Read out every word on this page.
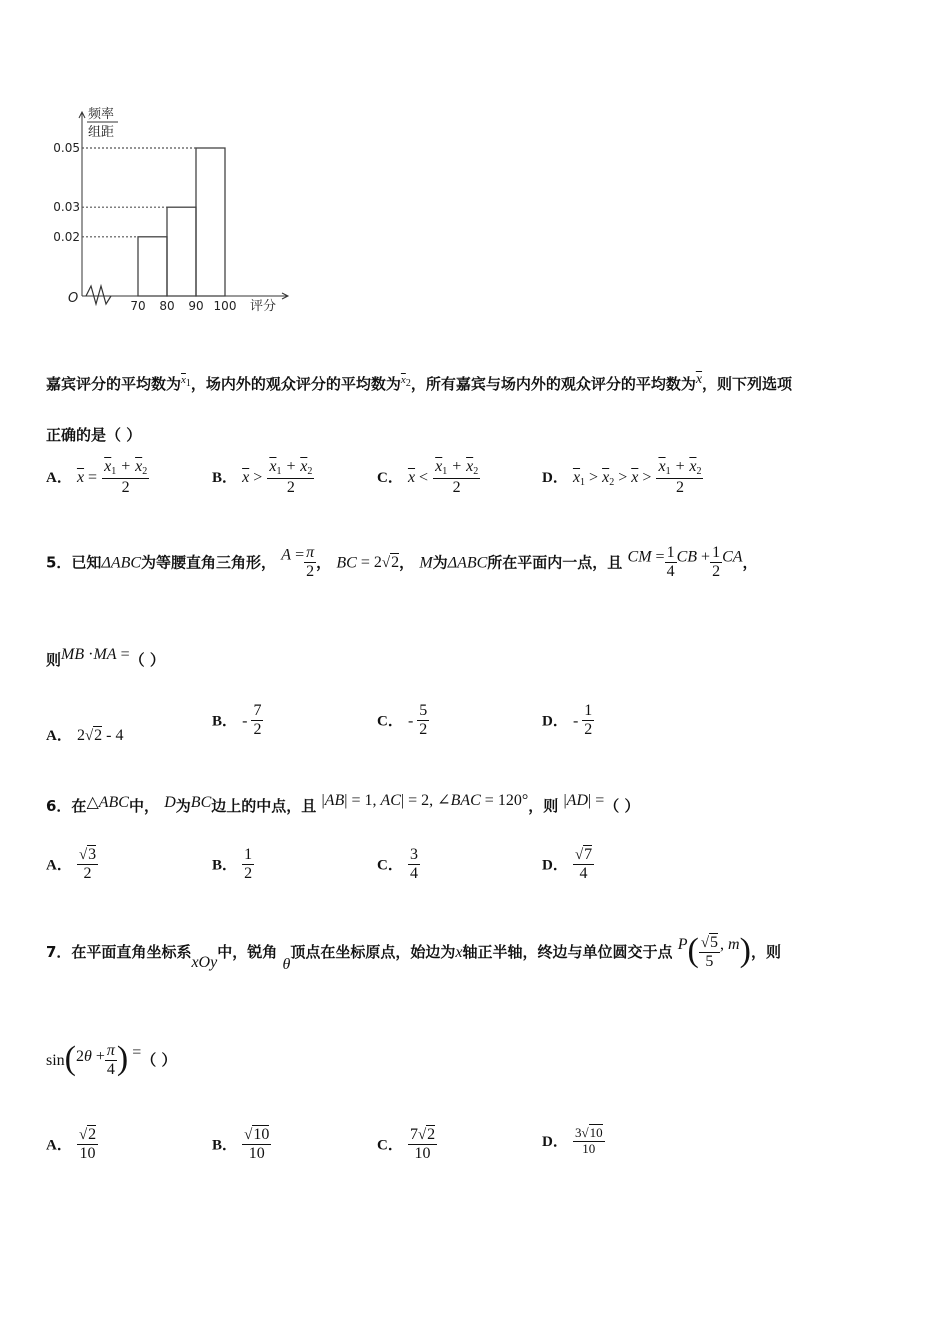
O
频率
组距
0.05
0.03
0.02
70 80 90 100 评分
嘉宾评分的平均数为$^{\overline{x}1}$，场内外的观众评分的平均数为$^{\overline{x}2}$，所有嘉宾与场内外的观众评分的平均数为$^{\overline{x}}$，则下列选项
正确的是（ ）
A． $\overline{x} = \frac{\overline{x}_1 + \overline{x}_2}{2}$	B． $\overline{x} > \frac{\overline{x}_1 + \overline{x}_2}{2}$	C． $\overline{x} < \frac{\overline{x}_1 + \overline{x}_2}{2}$	D． $\overline{x}_1 > \overline{x}_2 > \overline{x} > \frac{\overline{x}_1 + \overline{x}_2}{2}$
5．已知ΔABC为等腰直角三角形， $A = \frac{\pi}{2}$ ， BC = 2√2， M为ΔABC所在平面内一点，且 CM = $\frac{1}{4}$ CB + $\frac{1}{2}$ CA，
则MB ·MA =（ ）
A． 2√2 - 4
B． - $\frac{7}{2}$	C． - $\frac{5}{2}$	D． - $\frac{1}{2}$
6．在△ABC中， D为BC边上的中点，且 |AB| = 1, AC| = 2, ∠BAC = 120°，则 |AD| =（ ）
A． $\frac{√3}{2}$	B． $\frac{1}{2}$	C． $\frac{3}{4}$	D． $\frac{√7}{4}$
7．在平面直角坐标系xOy中，锐角 θ顶点在坐标原点，始边为x轴正半轴，终边与单位圆交于点 $P( \frac{√5}{5}$ , m)，则
$\sin(2\theta + \frac{\pi}{4}$ ) =（ ）
A． $\frac{√2}{10}$	B． $\frac{√10}{10}$	C． $\frac{7√2}{10}$	D． $\frac{3√10}{10}$
